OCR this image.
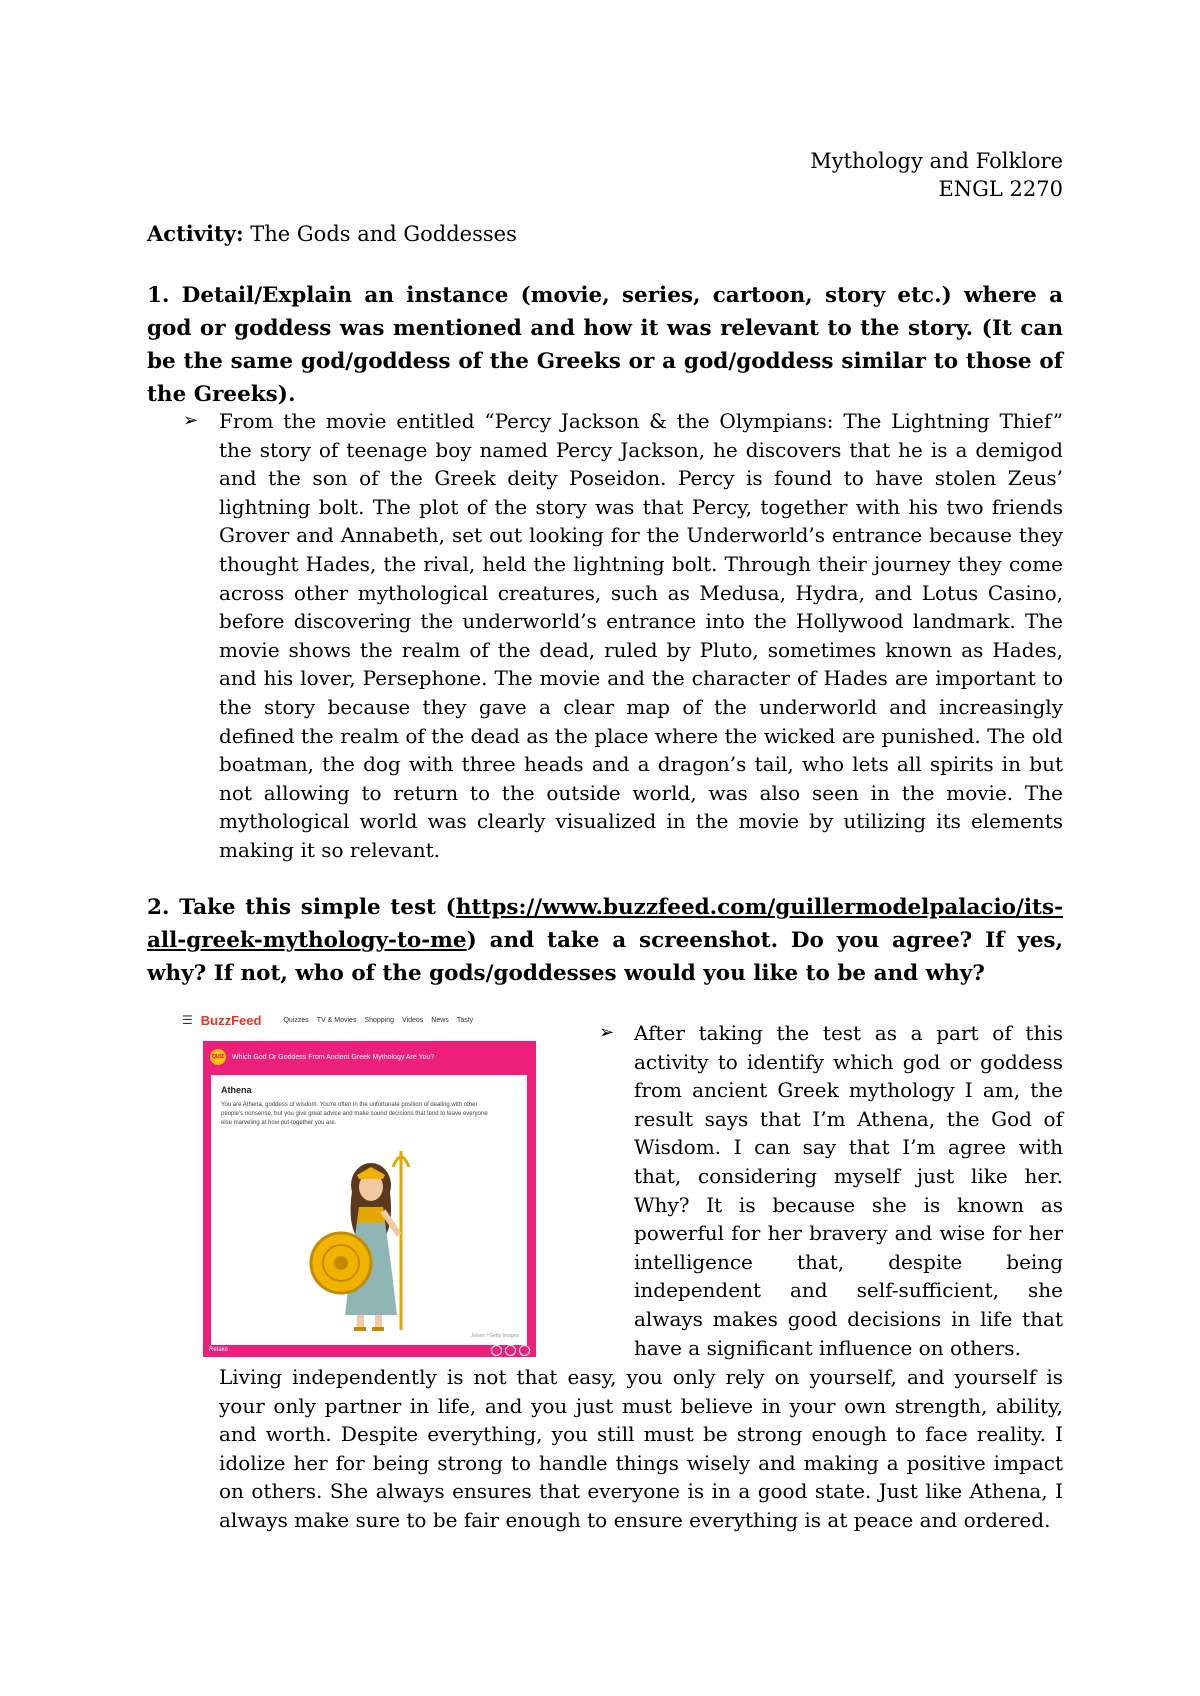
Mythology and Folklore
ENGL 2270
Activity: The Gods and Goddesses
1. Detail/Explain an instance (movie, series, cartoon, story etc.) where a god or goddess was mentioned and how it was relevant to the story. (It can be the same god/goddess of the Greeks or a god/goddess similar to those of the Greeks).
➢ From the movie entitled “Percy Jackson & the Olympians: The Lightning Thief” the story of teenage boy named Percy Jackson, he discovers that he is a demigod and the son of the Greek deity Poseidon. Percy is found to have stolen Zeus’ lightning bolt. The plot of the story was that Percy, together with his two friends Grover and Annabeth, set out looking for the Underworld’s entrance because they thought Hades, the rival, held the lightning bolt. Through their journey they come across other mythological creatures, such as Medusa, Hydra, and Lotus Casino, before discovering the underworld’s entrance into the Hollywood landmark. The movie shows the realm of the dead, ruled by Pluto, sometimes known as Hades, and his lover, Persephone. The movie and the character of Hades are important to the story because they gave a clear map of the underworld and increasingly defined the realm of the dead as the place where the wicked are punished. The old boatman, the dog with three heads and a dragon’s tail, who lets all spirits in but not allowing to return to the outside world, was also seen in the movie. The mythological world was clearly visualized in the movie by utilizing its elements making it so relevant.
2. Take this simple test (https://www.buzzfeed.com/guillermodelpalacio/its-all-greek-mythology-to-me) and take a screenshot. Do you agree? If yes, why? If not, who of the gods/goddesses would you like to be and why?
☰ BuzzFeed	Quizzes TV & Movies Shopping Videos News Tasty
QUIZ Which God Or Goddess From Ancient Greek Mythology Are You?
Athena
You are Athena, goddess of wisdom. You're often in the unfortunate position of dealing with other people's nonsense, but you give great advice and make sound decisions that tend to leave everyone else marveling at how put-together you are.
Jelsen / Getty Images
Retake
➢ After taking the test as a part of this activity to identify which god or goddess from ancient Greek mythology I am, the result says that I’m Athena, the God of Wisdom. I can say that I’m agree with that, considering myself just like her. Why? It is because she is known as powerful for her bravery and wise for her intelligence that, despite being independent and self-sufficient, she always makes good decisions in life that have a significant influence on others.
Living independently is not that easy, you only rely on yourself, and yourself is your only partner in life, and you just must believe in your own strength, ability, and worth. Despite everything, you still must be strong enough to face reality. I idolize her for being strong to handle things wisely and making a positive impact on others. She always ensures that everyone is in a good state. Just like Athena, I always make sure to be fair enough to ensure everything is at peace and ordered.
